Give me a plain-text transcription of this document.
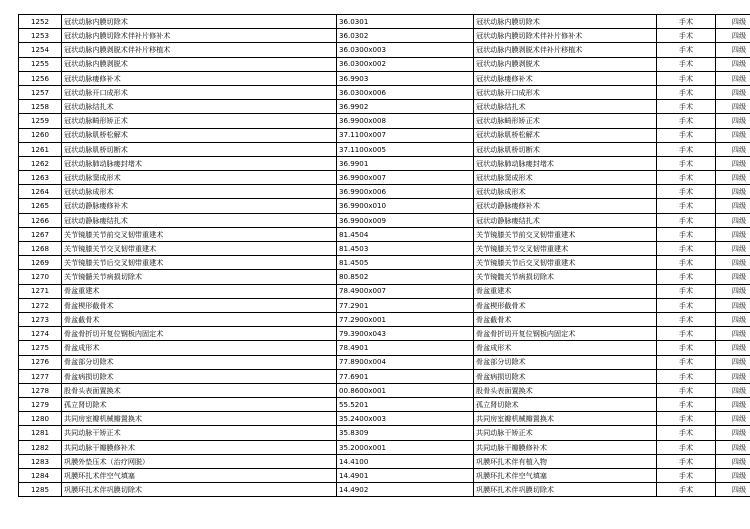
1252	冠状动脉内膜切除术	36.0301	冠状动脉内膜切除术	手术	四级
1253	冠状动脉内膜切除术伴补片修补术	36.0302	冠状动脉内膜切除术伴补片修补术	手术	四级
1254	冠状动脉内膜剥脱术伴补片移植术	36.0300x003	冠状动脉内膜剥脱术伴补片移植术	手术	四级
1255	冠状动脉内膜剥脱术	36.0300x002	冠状动脉内膜剥脱术	手术	四级
1256	冠状动脉瘘修补术	36.9903	冠状动脉瘘修补术	手术	四级
1257	冠状动脉开口成形术	36.0300x006	冠状动脉开口成形术	手术	四级
1258	冠状动脉结扎术	36.9902	冠状动脉结扎术	手术	四级
1259	冠状动脉畸形矫正术	36.9900x008	冠状动脉畸形矫正术	手术	四级
1260	冠状动脉肌桥松解术	37.1100x007	冠状动脉肌桥松解术	手术	四级
1261	冠状动脉肌桥切断术	37.1100x005	冠状动脉肌桥切断术	手术	四级
1262	冠状动脉肺动脉瘘封堵术	36.9901	冠状动脉肺动脉瘘封堵术	手术	四级
1263	冠状动脉窦成形术	36.9900x007	冠状动脉窦成形术	手术	四级
1264	冠状动脉成形术	36.9900x006	冠状动脉成形术	手术	四级
1265	冠状动静脉瘘修补术	36.9900x010	冠状动静脉瘘修补术	手术	四级
1266	冠状动静脉瘘结扎术	36.9900x009	冠状动静脉瘘结扎术	手术	四级
1267	关节镜膝关节前交叉韧带重建术	81.4504	关节镜膝关节前交叉韧带重建术	手术	四级
1268	关节镜膝关节交叉韧带重建术	81.4503	关节镜膝关节交叉韧带重建术	手术	四级
1269	关节镜膝关节后交叉韧带重建术	81.4505	关节镜膝关节后交叉韧带重建术	手术	四级
1270	关节镜髓关节病损切除术	80.8502	关节镜髋关节病损切除术	手术	四级
1271	骨盆重建术	78.4900x007	骨盆重建术	手术	四级
1272	骨盆楔形截骨术	77.2901	骨盆楔形截骨术	手术	四级
1273	骨盆截骨术	77.2900x001	骨盆截骨术	手术	四级
1274	骨盆骨折切开复位钢板内固定术	79.3900x043	骨盆骨折切开复位钢板内固定术	手术	四级
1275	骨盆成形术	78.4901	骨盆成形术	手术	四级
1276	骨盆部分切除术	77.8900x004	骨盆部分切除术	手术	四级
1277	骨盆病损切除术	77.6901	骨盆病损切除术	手术	四级
1278	股骨头表面置换术	00.8600x001	股骨头表面置换术	手术	四级
1279	孤立肾切除术	55.5201	孤立肾切除术	手术	四级
1280	共同房室瓣机械瓣置换术	35.2400x003	共同房室瓣机械瓣置换术	手术	四级
1281	共同动脉干矫正术	35.8309	共同动脉干矫正术	手术	四级
1282	共同动脉干瓣膜修补术	35.2000x001	共同动脉干瓣膜修补术	手术	四级
1283	巩膜外垫压术（治疗网脱）	14.4100	巩膜环扎术伴有植入物	手术	四级
1284	巩膜环扎术伴空气填塞	14.4901	巩膜环扎术伴空气填塞	手术	四级
1285	巩膜环扎术伴巩膜切除术	14.4902	巩膜环扎术伴巩膜切除术	手术	四级
